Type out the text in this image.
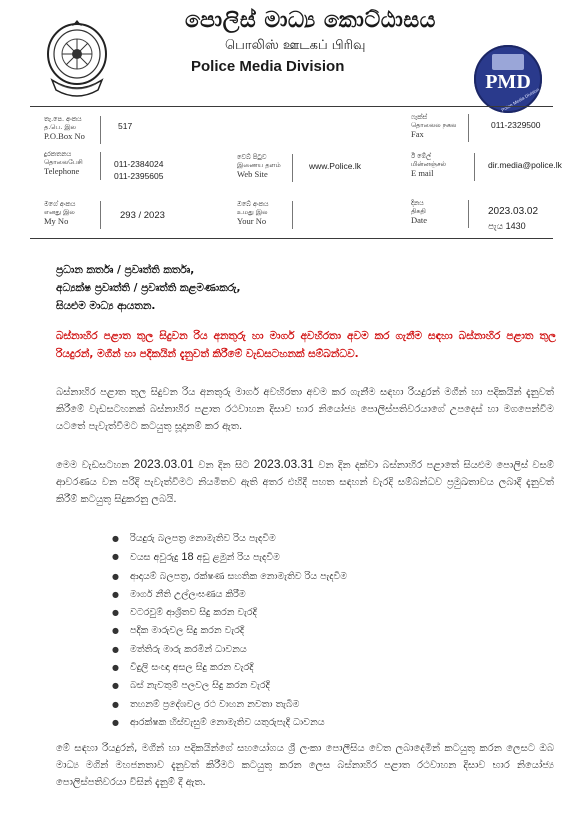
පොලිස් මාධ්‍ය කොට්ඨාසය
பொலிஸ் ஊடகப் பிரிவு
Police Media Division
PMD
Police Media Division
තැ.පෙ. අංකය
த.பெ. இல
P.O.Box No
517
ෆැක්ස්
தொலைல நகல
Fax
011-2329500
දුරකතනය
தொலைபேசி
Telephone
011-2384024
011-2395605
වෙබ් පිටුව
இணைய தளம்
Web Site
www.Police.lk
ඊ මේල්
மின்னஞ்சல்
E mail
dir.media@police.lk
මගේ අංකය
எனது இல
My No	293 / 2023
ඔබේ අංකය
உமது இல
Your No
දිනය
திகதி
Date
2023.03.02
පැය 1430
ප්‍රධාන කර්තෘ / ප්‍රවෘත්ති කර්තෘ,
අධ්‍යක්ෂ ප්‍රවෘත්ති / ප්‍රවෘත්ති කළමණාකරු,
සියළුම මාධ්‍ය ආයතන.
බස්නාහිර පළාත තුල සිදුවන රිය අනතුරු හා මාර්ග අවහිරතා අවම කර ගැනීම සඳහා බස්නාහිර පළාත තුල රියදුරන්, මගීන් හා පදිකයින් දැනුවත් කිරීමේ වැඩසටහනක් සම්බන්ධව.
බස්නාහිර පළාත තුල සිදුවන රිය අනතුරු මාර්ග අවහිරතා අවම කර ගැනීම සඳහා රියදුරන් මගීන් හා පදිකයින් දැනුවත් කිරීමේ වැඩසටහනක් බස්නාහිර පළාත රථවාහන දිසාව භාර නියෝජ්‍ය පොලිස්පතිවරයාගේ උපදෙස් හා මගපෙන්වීම යටතේ පැවැත්වීමට කටයුතු සූදානම් කර ඇත.
මෙම වැඩසටහන 2023.03.01 වන දින සිට 2023.03.31 වන දින දක්වා බස්නාහිර පළාතේ සියළුම පොලිස් වසම් ආවරණය වන පරිදි පැවැත්වීමට නියමිතව ඇති අතර එහිදී පහත සඳහන් වැරදි සම්බන්ධව ප්‍රමුඛතාවය ලබාදී දැනුවත් කිරීම් කටයුතු සිදුකරනු ලබයි.
● රියදුරු බලපත්‍ර නොමැතිව රිය පැදවීම
● වයස අවුරුදු 18 අඩු ළමුන් රිය පැදවීම
● ආදායම් බලපත්‍ර, රක්ෂණ සහතික නොමැතිව රිය පැදවීම
● මාර්ග නීති උල්ලංඝණය කිරීම
● වටරවුම් ආශ්‍රිතව සිදු කරන වැරදි
● පදික මාරුවල සිදු කරන වැරදි
● මත්තිරු මාරු කරමින් ධාවනය
● විදුලි සංඥා අසල සිදු කරන වැරදි
● බස් නැවතුම් පලවල සිදු කරන වැරදි
● තහනම් ප්‍රදේශවල රථ වාහන නවතා තැබීම
● ආරක්ෂක හිස්වැසුම් නොමැතිව යතුරුපැදි ධාවනය
මේ සඳහා රියදුරන්, මගීන් හා පදිකයින්ගේ සහයෝගය ශ්‍රී ලංකා පොලීසිය වෙත ලබාදෙමින් කටයුතු කරන ලෙසට ඔබ මාධ්‍ය මගින් මහජනතාව දැනුවත් කිරීමට කටයුතු කරන ලෙස බස්නාහිර පළාත රථවාහන දිසාව භාර නියෝජ්‍ය පොලිස්පතිවරයා විසින් දැනුම් දී ඇත.
